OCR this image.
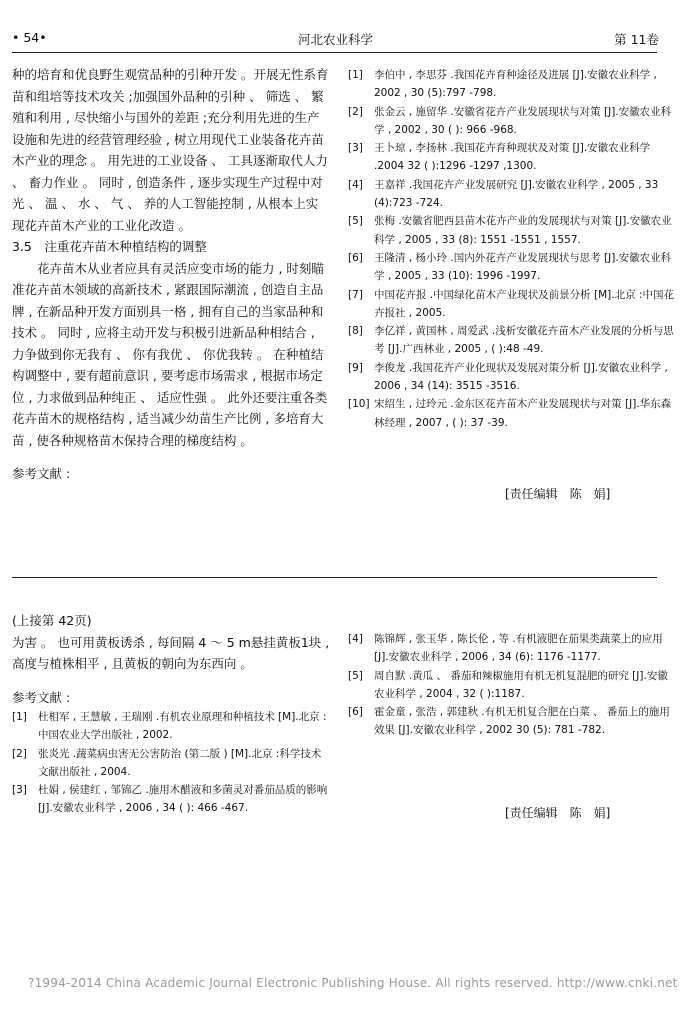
• 54•	河北农业科学	第 11卷

种的培育和优良野生观赏品种的引种开发 。开展无性系育苗和组培等技术攻关 ;加强国外品种的引种 、 筛选 、 繁殖和利用 , 尽快缩小与国外的差距 ;充分利用先进的生产设施和先进的经营管理经验 , 树立用现代工业装备花卉苗木产业的理念 。 用先进的工业设备 、 工具逐渐取代人力 、 畜力作业 。 同时 , 创造条件 , 逐步实现生产过程中对光 、 温 、 水 、 气 、 养的人工智能控制 , 从根本上实现花卉苗木产业的工业化改造 。

3.5　注重花卉苗木种植结构的调整

花卉苗木从业者应具有灵活应变市场的能力 , 时刻瞄准花卉苗木领域的高新技术 , 紧跟国际潮流 , 创造自主品牌 , 在新品种开发方面别具一格 , 拥有自己的当家品种和技术 。 同时 , 应将主动开发与积极引进新品种相结合 , 力争做到你无我有 、 你有我优 、 你优我转 。 在种植结构调整中 , 要有超前意识 , 要考虑市场需求 , 根据市场定位 , 力求做到品种纯正 、 适应性强 。 此外还要注重各类花卉苗木的规格结构 , 适当减少幼苗生产比例 , 多培育大苗 , 使各种规格苗木保持合理的梯度结构 。

参考文献 :

[1] 李伯中 , 李思芬 .我国花卉育种途径及进展 [J].安徽农业科学 , 2002 , 30 (5):797 -798.

[2] 张金云 , 施留华 .安徽省花卉产业发展现状与对策 [J].安徽农业科学 , 2002 , 30 ( ): 966 -968.

[3] 王卜琼 , 李扬林 .我国花卉育种现状及对策 [J].安徽农业科学 .2004 32 ( ):1296 -1297 ,1300.

[4] 王嘉祥 .我国花卉产业发展研究 [J].安徽农业科学 , 2005 , 33 (4):723 -724.

[5] 张梅 .安徽省肥西县苗木花卉产业的发展现状与对策 [J].安徽农业科学 , 2005 , 33 (8): 1551 -1551 , 1557.

[6] 王隆清 , 杨小玲 .国内外花卉产业发展现状与思考 [J].安徽农业科学 , 2005 , 33 (10): 1996 -1997.

[7] 中国花卉报 .中国绿化苗木产业现状及前景分析 [M].北京 :中国花卉报社 , 2005.

[8] 李亿祥 , 黄国林 , 周爱武 .浅析安徽花卉苗木产业发展的分析与思考 [J].广西林业 , 2005 , ( ):48 -49.

[9] 李俊龙 .我国花卉产业化现状及发展对策分析 [J].安徽农业科学 , 2006 , 34 (14): 3515 -3516.

[10] 宋绍生 , 过玲元 .金东区花卉苗木产业发展现状与对策 [J].华东森林经理 , 2007 , ( ): 37 -39.

[责任编辑　陈　娟]

(上接第 42页)

为害 。 也可用黄板诱杀 , 每间隔 4 ～ 5 m悬挂黄板1块 , 高度与植株相平 , 且黄板的朝向为东西向 。

参考文献 :

[1] 杜相军 , 王慧敏 , 王瑞刚 .有机农业原理和种植技术 [M].北京 :中国农业大学出版社 , 2002.

[2] 张炎光 .蔬菜病虫害无公害防治 (第二版 ) [M].北京 :科学技术文献出版社 , 2004.

[3] 杜娟 , 侯建红 , 邹锦乙 .施用木醋液和多菌灵对番茄品质的影响 [J].安徽农业科学 , 2006 , 34 ( ): 466 -467.

[4] 陈锦辉 , 张玉华 , 陈长伦 , 等 .有机液肥在茄果类蔬菜上的应用 [J].安徽农业科学 , 2006 , 34 (6): 1176 -1177.

[5] 周自默 .黄瓜 、 番茄和辣椒施用有机无机复混肥的研究 [J].安徽农业科学 , 2004 , 32 ( ):1187.

[6] 霍金童 , 张浩 , 郭建秋 .有机无机复合肥在白菜 、 番茄上的施用效果 [J].安徽农业科学 , 2002 30 (5): 781 -782.

[责任编辑　陈　娟]
?1994-2014 China Academic Journal Electronic Publishing House. All rights reserved. http://www.cnki.net
